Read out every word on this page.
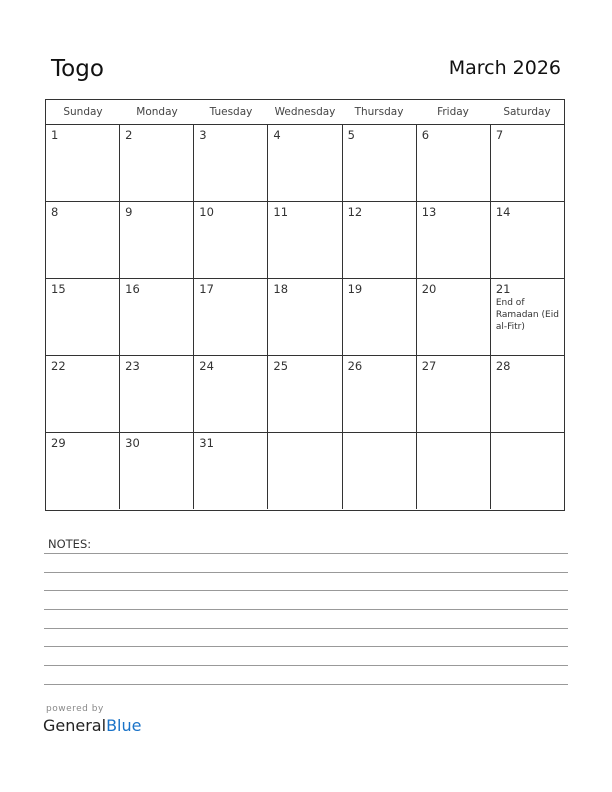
Togo	March 2026
Sunday	Monday	Tuesday	Wednesday	Thursday	Friday	Saturday
1	2	3	4	5	6	7
8	9	10	11	12	13	14
15	16	17	18	19	20	21
End of Ramadan (Eid al-Fitr)
22	23	24	25	26	27	28
29	30	31
NOTES:
powered by
GeneralBlue
